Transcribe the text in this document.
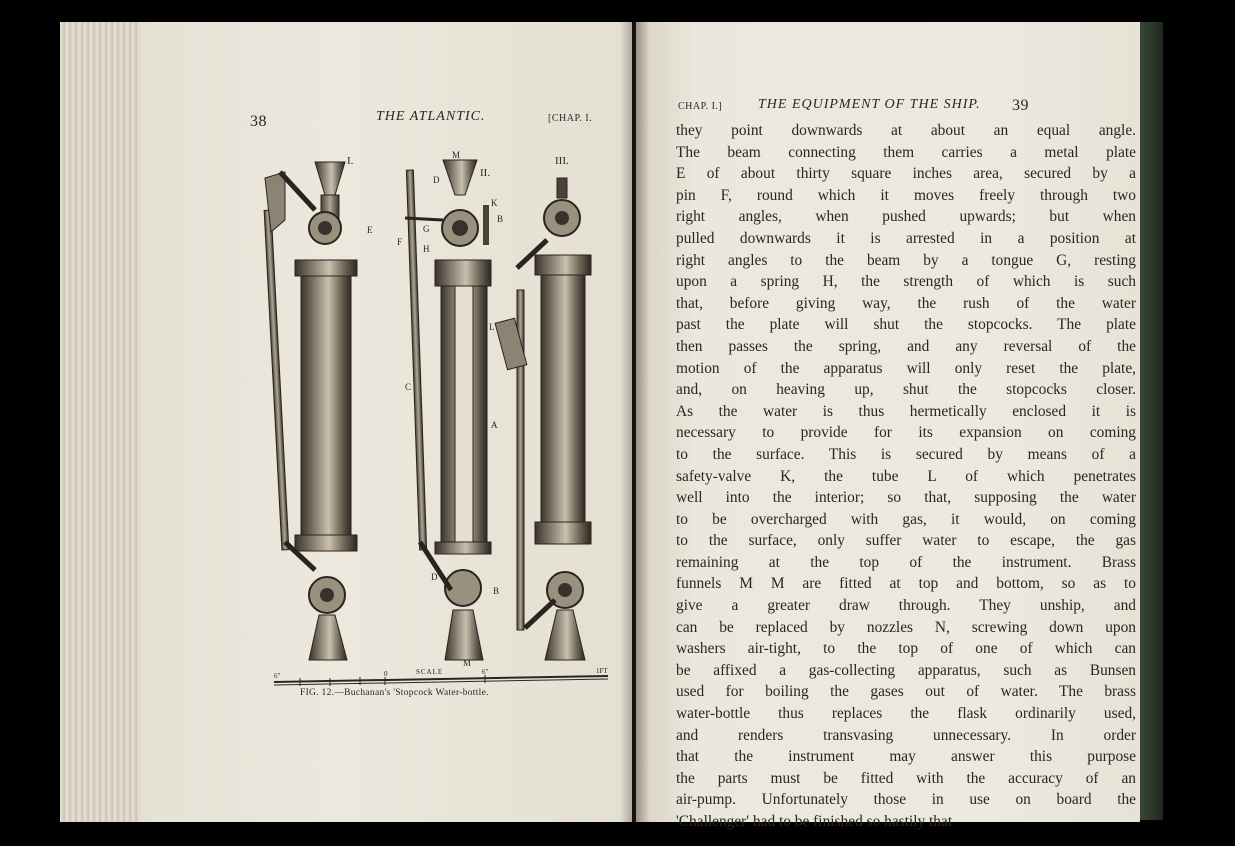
38	THE ATLANTIC.	[CHAP. I.
I.
II.
III.
M
D
K
B
E
F
G
H
L
C
A
D
B
M
6"	0	6"	1FT
SCALE
FIG. 12.—Buchanan's 'Stopcock Water-bottle.
CHAP. I.]	THE EQUIPMENT OF THE SHIP. 39
they point downwards at about an equal angle.
The beam connecting them carries a metal plate
E of about thirty square inches area, secured by a
pin F, round which it moves freely through two
right angles, when pushed upwards; but when
pulled downwards it is arrested in a position at
right angles to the beam by a tongue G, resting
upon a spring H, the strength of which is such
that, before giving way, the rush of the water
past the plate will shut the stopcocks. The plate
then passes the spring, and any reversal of the
motion of the apparatus will only reset the plate,
and, on heaving up, shut the stopcocks closer.
As the water is thus hermetically enclosed it is
necessary to provide for its expansion on coming
to the surface. This is secured by means of a
safety-valve K, the tube L of which penetrates
well into the interior; so that, supposing the water
to be overcharged with gas, it would, on coming
to the surface, only suffer water to escape, the gas
remaining at the top of the instrument. Brass
funnels M M are fitted at top and bottom, so as to
give a greater draw through. They unship, and
can be replaced by nozzles N, screwing down upon
washers air-tight, to the top of one of which can
be affixed a gas-collecting apparatus, such as Bunsen
used for boiling the gases out of water. The brass
water-bottle thus replaces the flask ordinarily used,
and renders transvasing unnecessary. In order
that the instrument may answer this purpose
the parts must be fitted with the accuracy of an
air-pump. Unfortunately those in use on board the
'Challenger' had to be finished so hastily that
